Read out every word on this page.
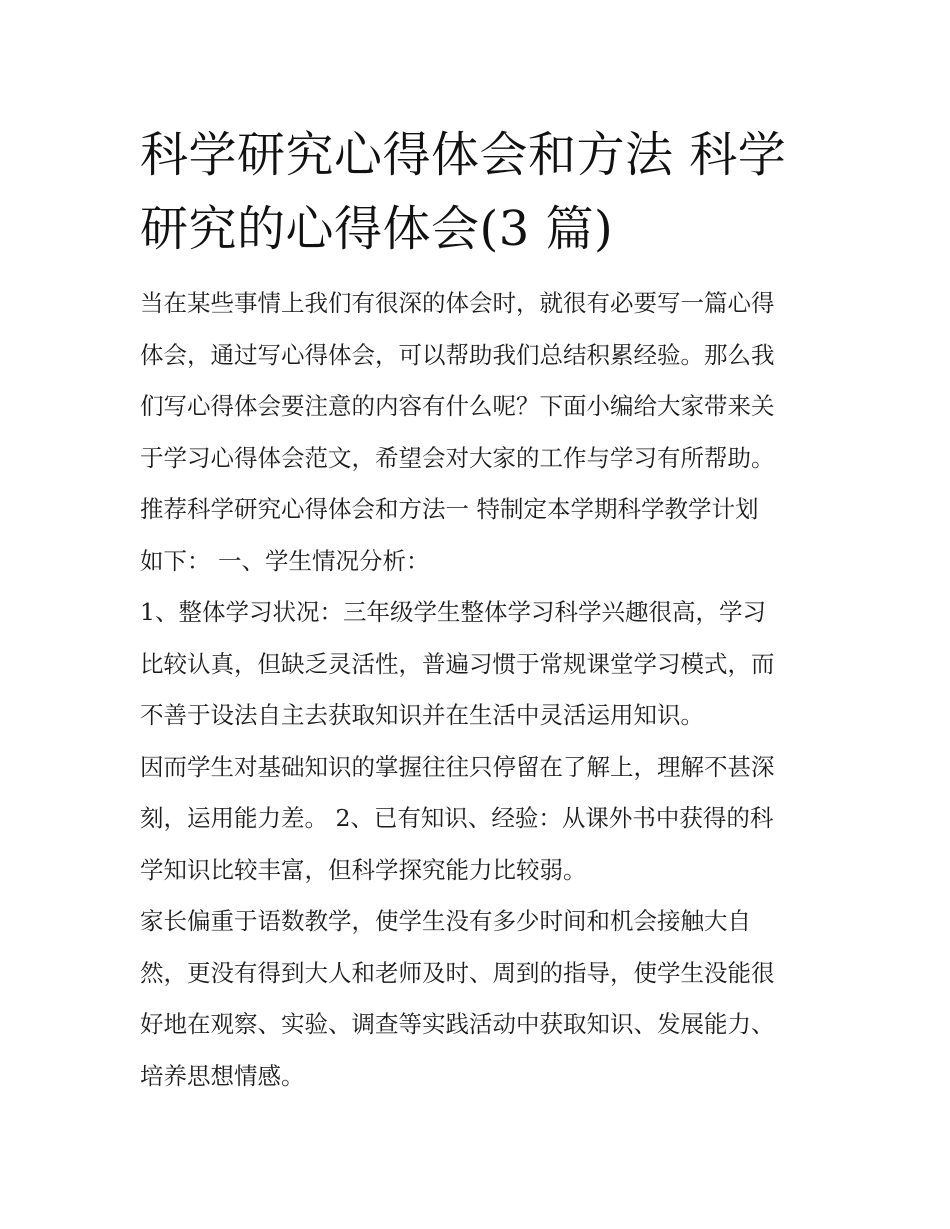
科学研究心得体会和方法 科学
研究的心得体会(3 篇)
当在某些事情上我们有很深的体会时，就很有必要写一篇心得
体会，通过写心得体会，可以帮助我们总结积累经验。那么我
们写心得体会要注意的内容有什么呢？下面小编给大家带来关
于学习心得体会范文，希望会对大家的工作与学习有所帮助。
推荐科学研究心得体会和方法一 特制定本学期科学教学计划
如下： 一、学生情况分析：
1、整体学习状况：三年级学生整体学习科学兴趣很高，学习
比较认真，但缺乏灵活性，普遍习惯于常规课堂学习模式，而
不善于设法自主去获取知识并在生活中灵活运用知识。
因而学生对基础知识的掌握往往只停留在了解上，理解不甚深
刻，运用能力差。 2、已有知识、经验：从课外书中获得的科
学知识比较丰富，但科学探究能力比较弱。
家长偏重于语数教学，使学生没有多少时间和机会接触大自
然，更没有得到大人和老师及时、周到的指导，使学生没能很
好地在观察、实验、调查等实践活动中获取知识、发展能力、
培养思想情感。
